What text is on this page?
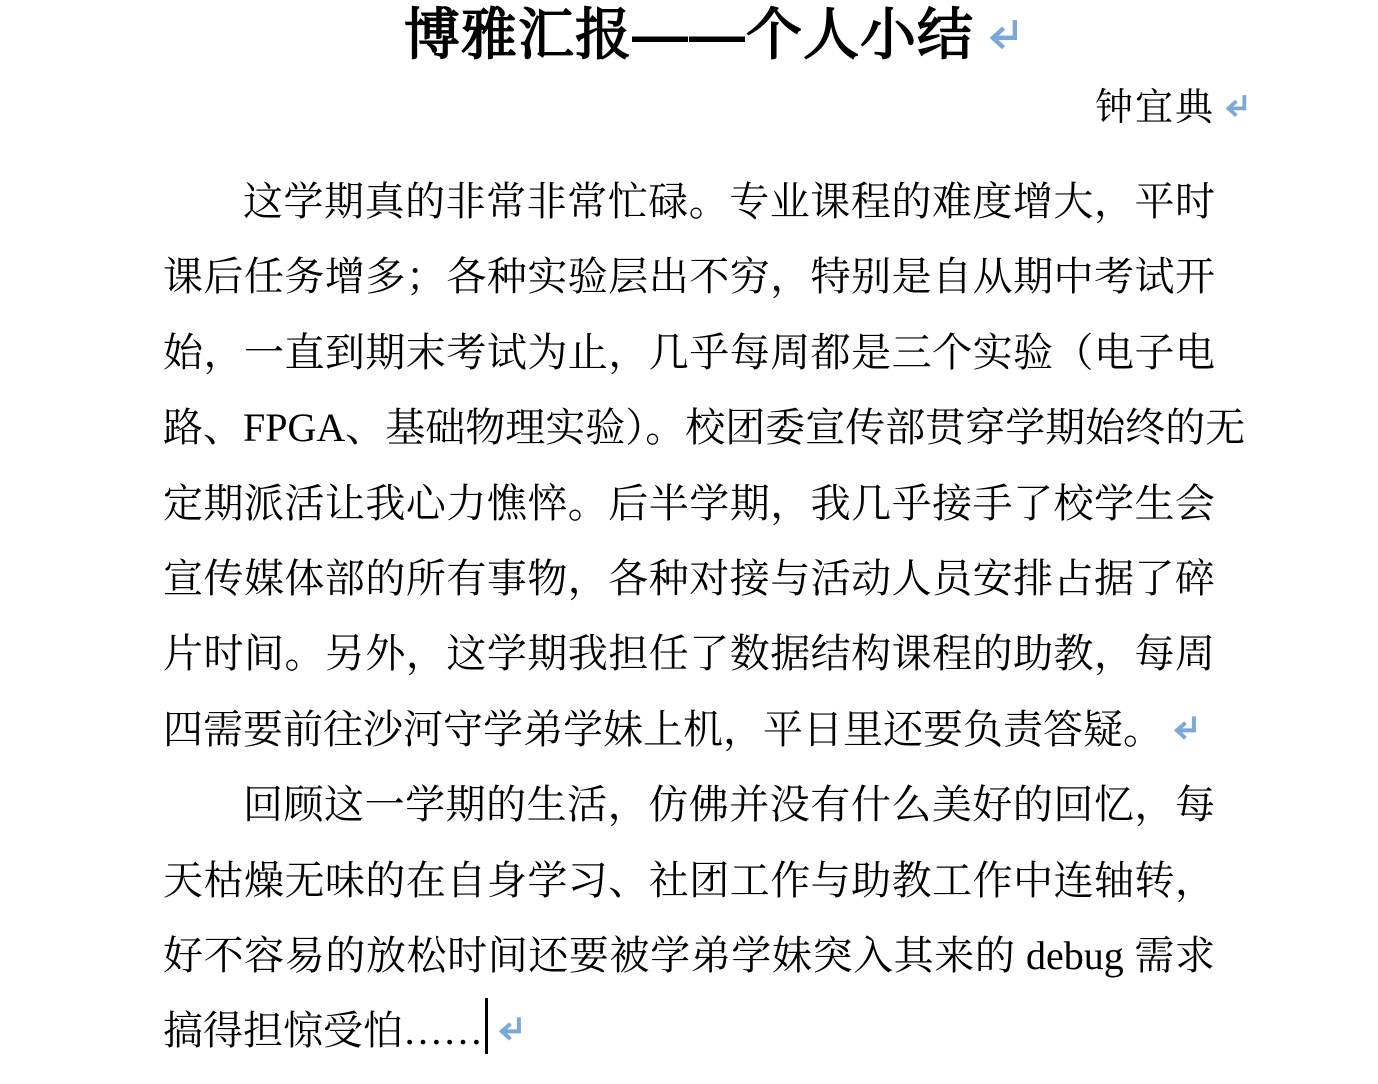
博雅汇报——个人小结
钟宜典
这学期真的非常非常忙碌。专业课程的难度增大，平时
课后任务增多；各种实验层出不穷，特别是自从期中考试开
始，一直到期末考试为止，几乎每周都是三个实验（电子电
路、FPGA、基础物理实验）。校团委宣传部贯穿学期始终的无
定期派活让我心力憔悴。后半学期，我几乎接手了校学生会
宣传媒体部的所有事物，各种对接与活动人员安排占据了碎
片时间。另外，这学期我担任了数据结构课程的助教，每周
四需要前往沙河守学弟学妹上机，平日里还要负责答疑。
回顾这一学期的生活，仿佛并没有什么美好的回忆，每
天枯燥无味的在自身学习、社团工作与助教工作中连轴转，
好不容易的放松时间还要被学弟学妹突入其来的 debug 需求
搞得担惊受怕……
